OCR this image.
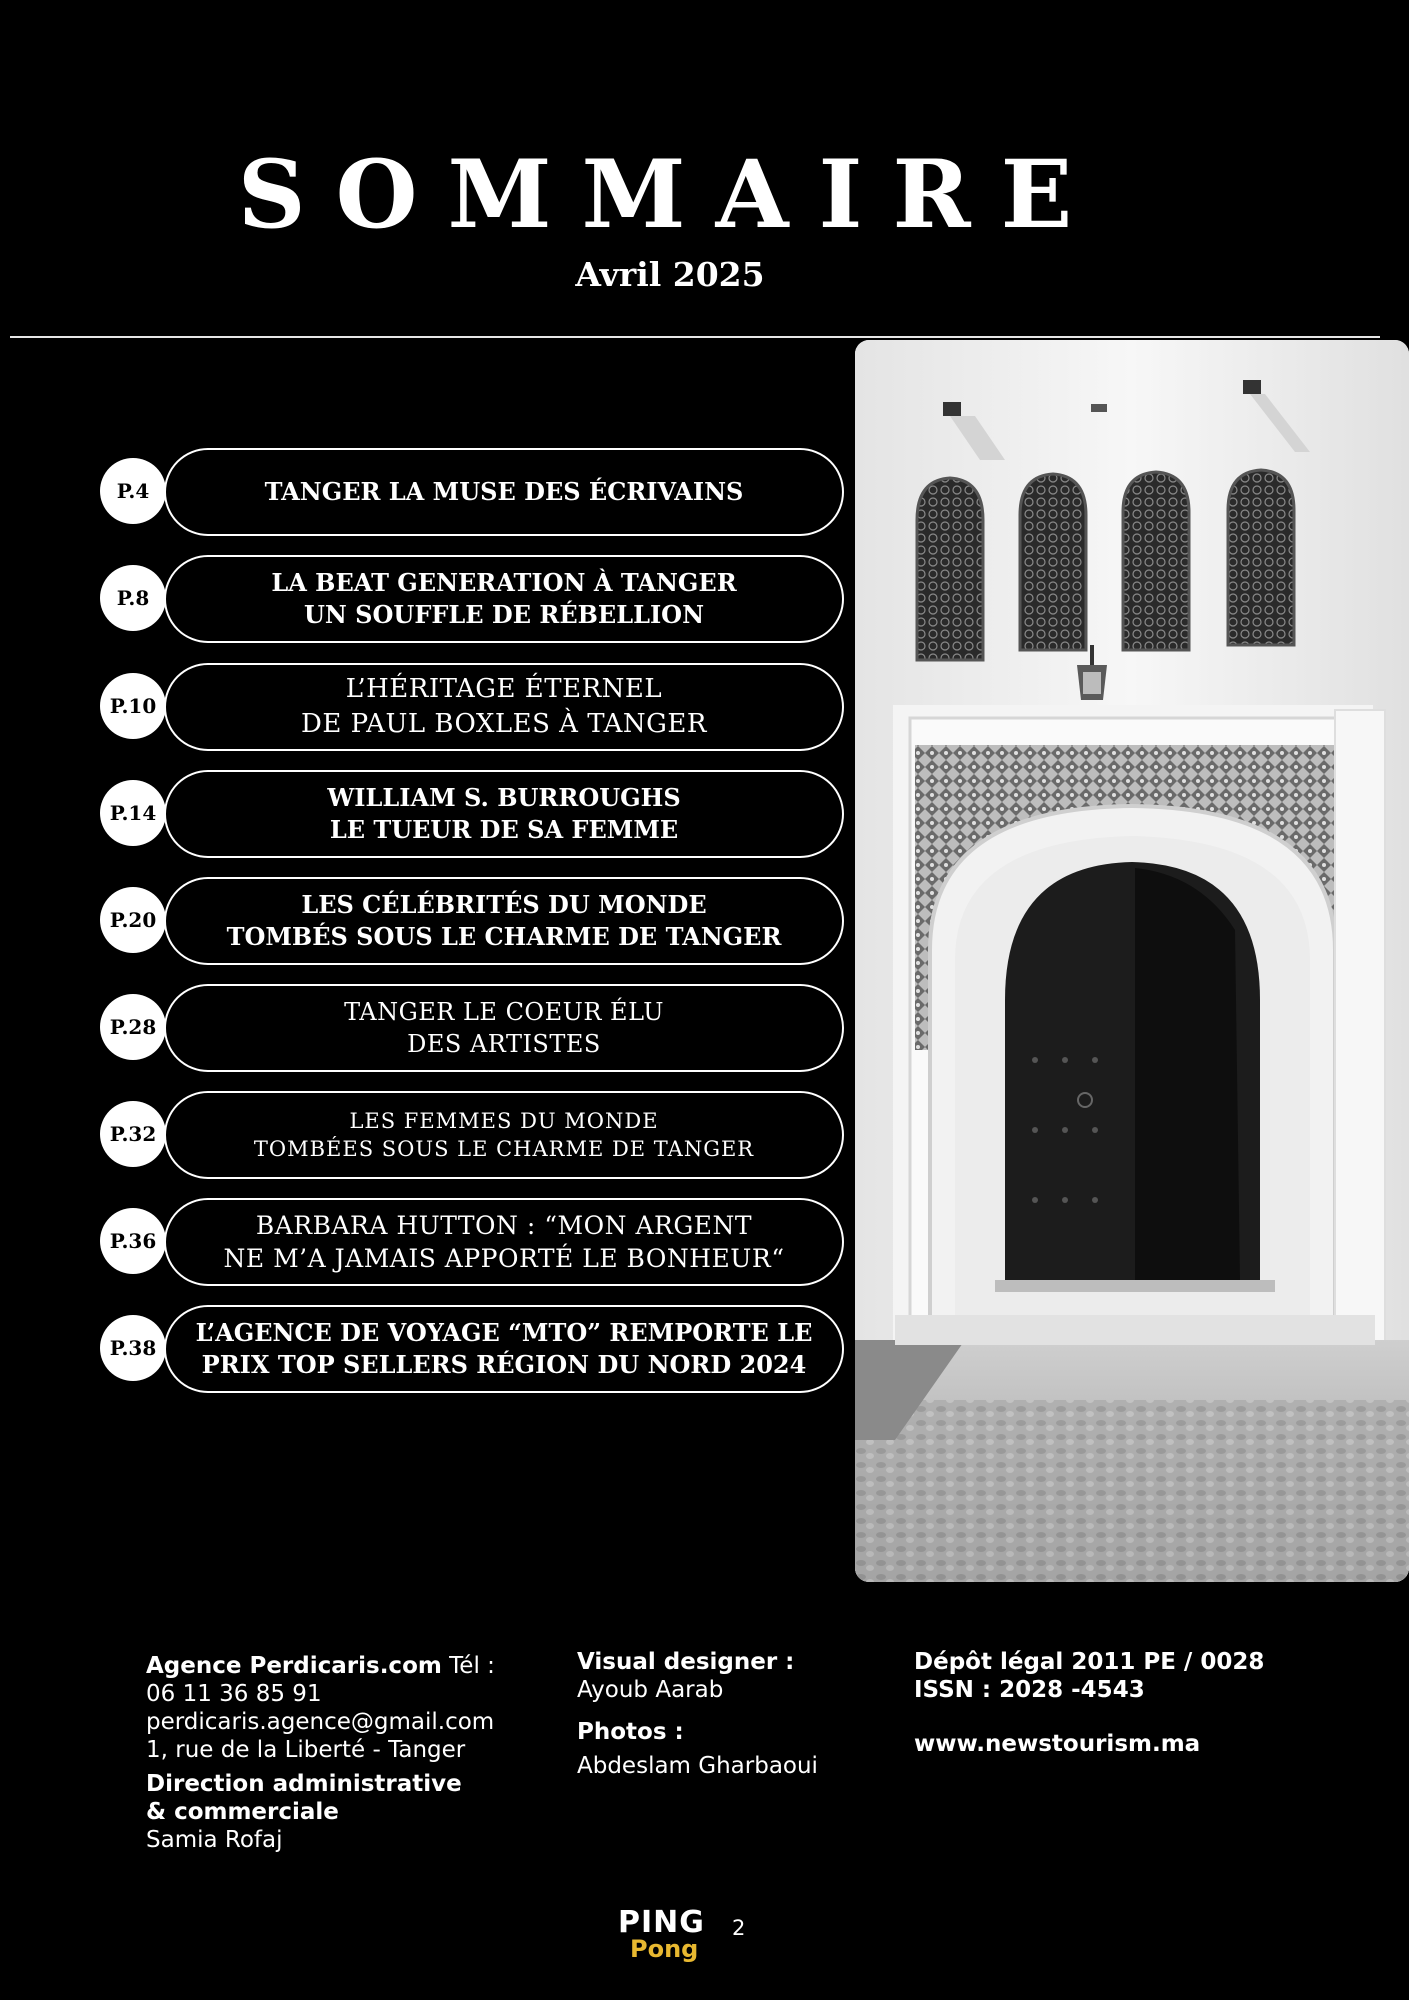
SOMMAIRE
Avril 2025
TANGER LA MUSE DES ÉCRIVAINS
P.4
LA BEAT GENERATION À TANGER
UN SOUFFLE DE RÉBELLION
P.8
L’HÉRITAGE ÉTERNEL
DE PAUL BOXLES À TANGER
P.10
WILLIAM S. BURROUGHS
LE TUEUR DE SA FEMME
P.14
LES CÉLÉBRITÉS DU MONDE
TOMBÉS SOUS LE CHARME DE TANGER
P.20
TANGER LE COEUR ÉLU
DES ARTISTES
P.28
LES FEMMES DU MONDE
TOMBÉES SOUS LE CHARME DE TANGER
P.32
BARBARA HUTTON : “MON ARGENT
NE M’A JAMAIS APPORTÉ LE BONHEUR“
P.36
L’AGENCE DE VOYAGE “MTO” REMPORTE LE
PRIX TOP SELLERS RÉGION DU NORD 2024
P.38
Agence Perdicaris.com Tél :
06 11 36 85 91
perdicaris.agence@gmail.com
1, rue de la Liberté - Tanger
Direction administrative
& commerciale
Samia Rofaj
Visual designer :
Ayoub Aarab
Photos :
Abdeslam Gharbaoui
Dépôt légal 2011 PE / 0028
ISSN : 2028 -4543
www.newstourism.ma
PING
Pong
2
